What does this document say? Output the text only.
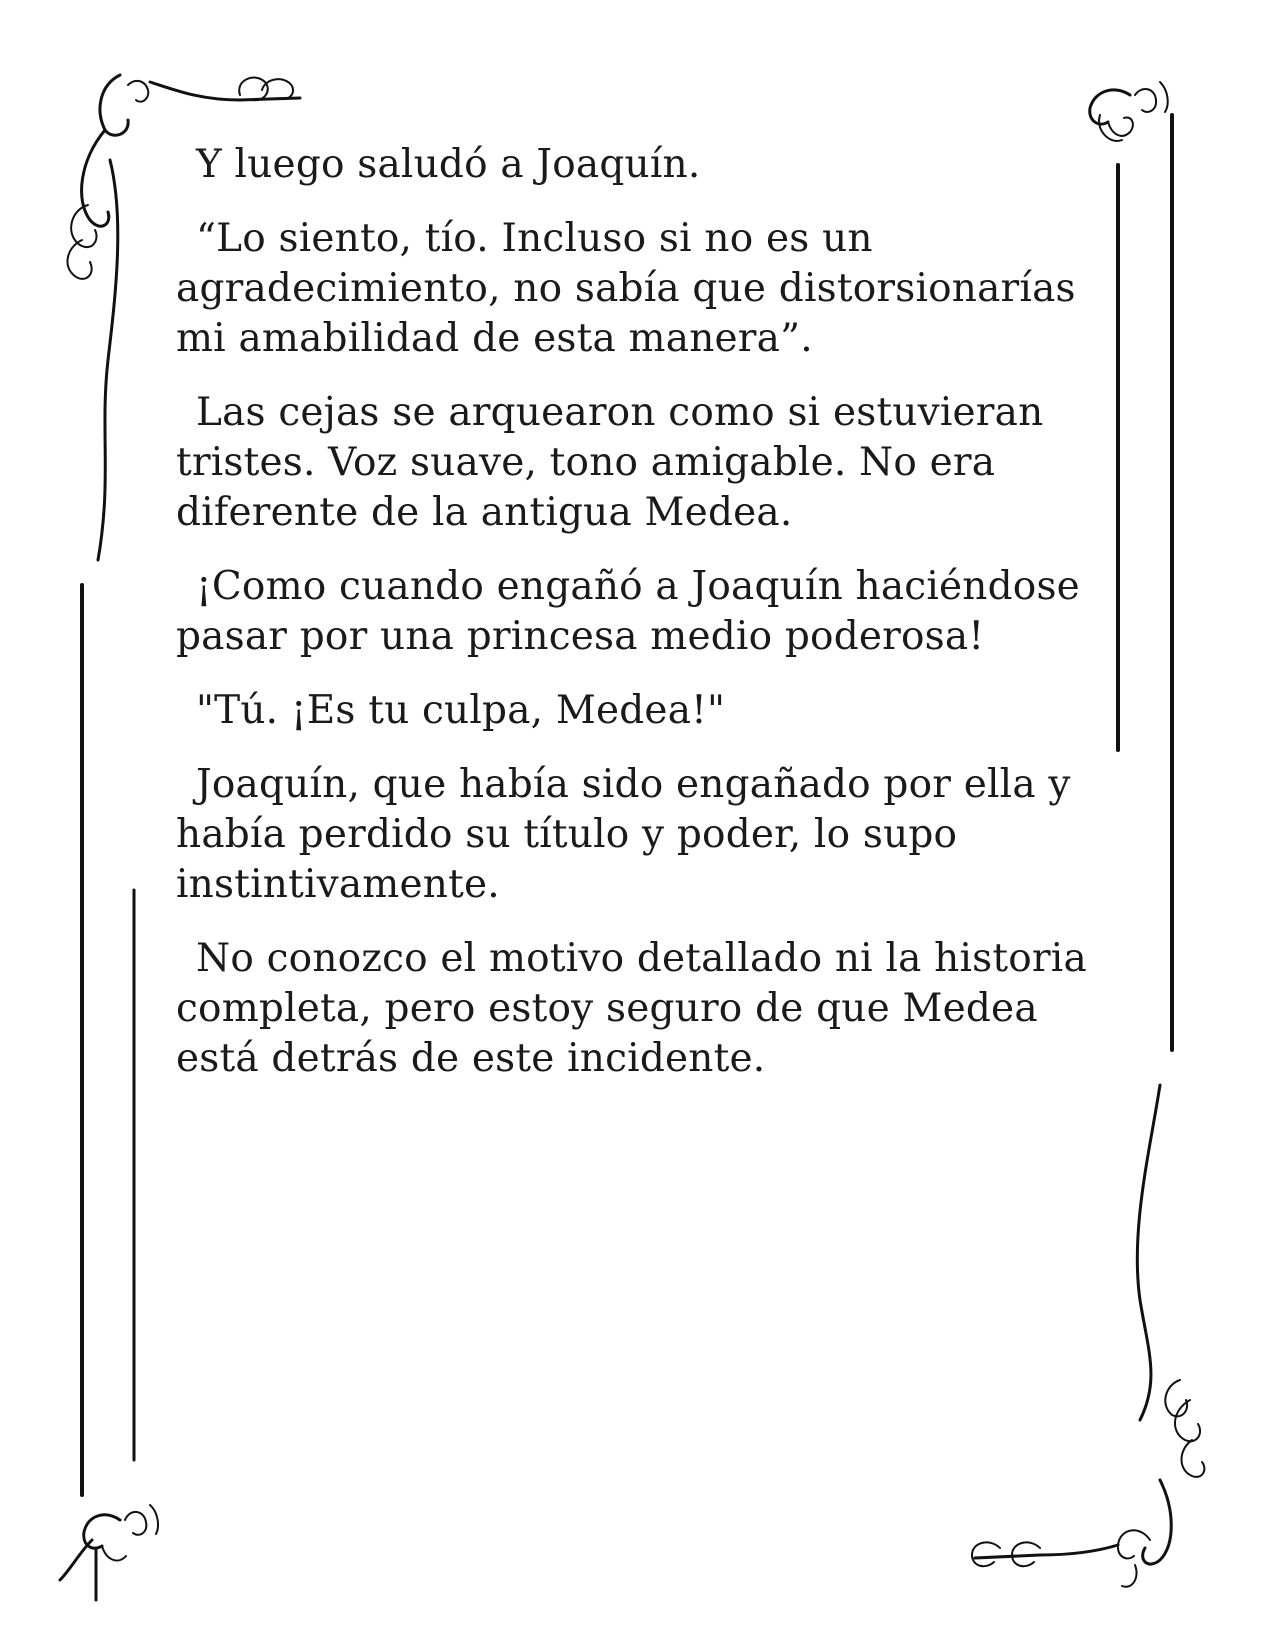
Y luego saludó a Joaquín.

“Lo siento, tío. Incluso si no es un agradecimiento, no sabía que distorsionarías mi amabilidad de esta manera”.

Las cejas se arquearon como si estuvieran tristes. Voz suave, tono amigable. No era diferente de la antigua Medea.

¡Como cuando engañó a Joaquín haciéndose pasar por una princesa medio poderosa!

"Tú. ¡Es tu culpa, Medea!"

Joaquín, que había sido engañado por ella y había perdido su título y poder, lo supo instintivamente.

No conozco el motivo detallado ni la historia completa, pero estoy seguro de que Medea está detrás de este incidente.
